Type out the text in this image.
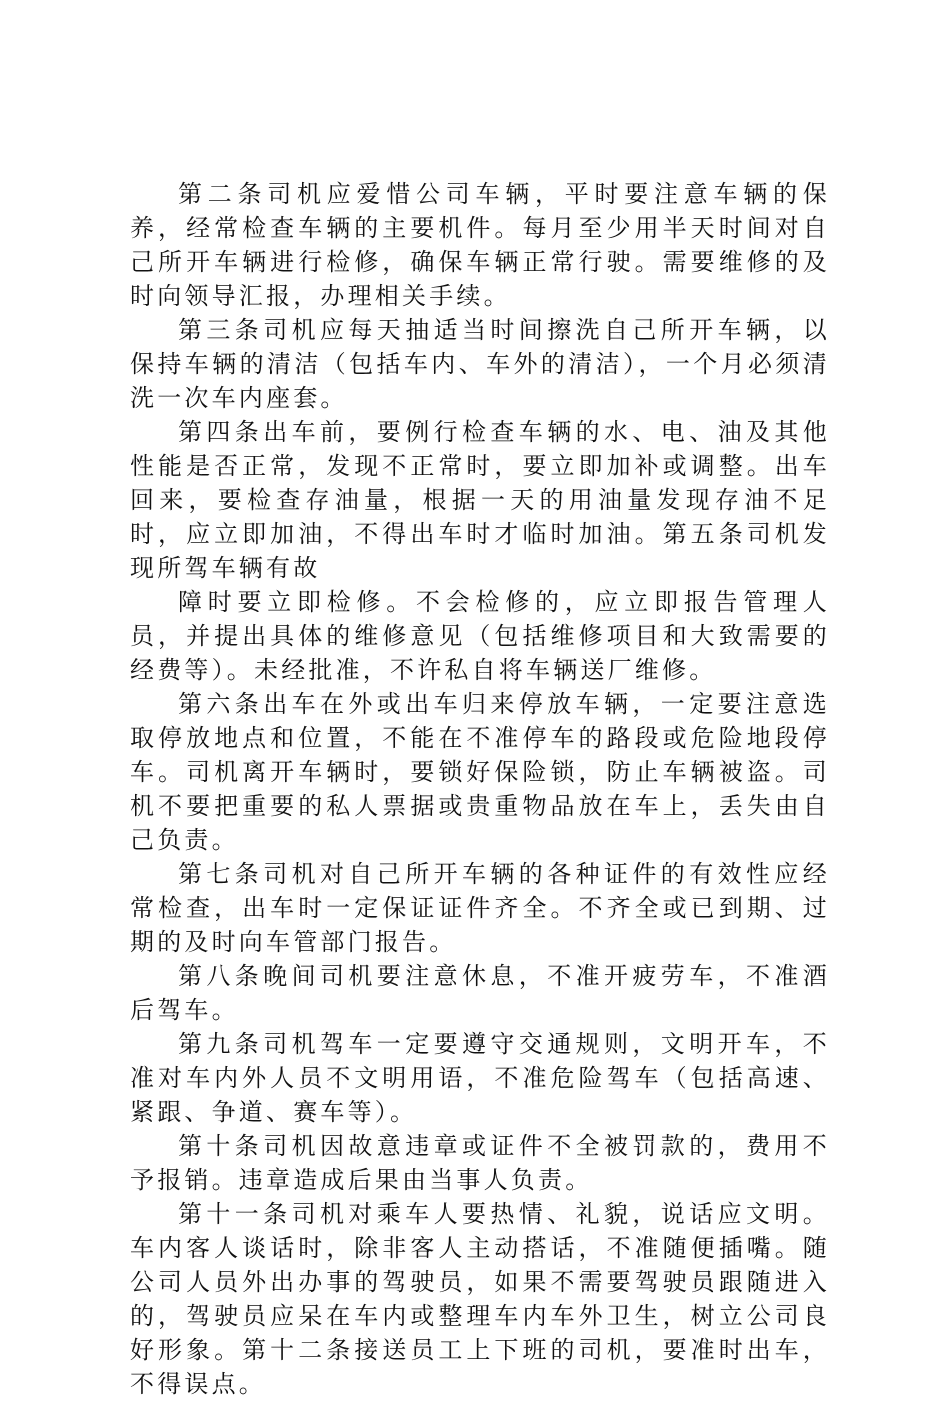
第二条司机应爱惜公司车辆，平时要注意车辆的保养，经常检查车辆的主要机件。每月至少用半天时间对自己所开车辆进行检修，确保车辆正常行驶。需要维修的及时向领导汇报，办理相关手续。

第三条司机应每天抽适当时间擦洗自己所开车辆，以保持车辆的清洁（包括车内、车外的清洁），一个月必须清洗一次车内座套。

第四条出车前，要例行检查车辆的水、电、油及其他性能是否正常，发现不正常时，要立即加补或调整。出车回来，要检查存油量，根据一天的用油量发现存油不足时，应立即加油，不得出车时才临时加油。第五条司机发现所驾车辆有故

障时要立即检修。不会检修的，应立即报告管理人员，并提出具体的维修意见（包括维修项目和大致需要的经费等）。未经批准，不许私自将车辆送厂维修。

第六条出车在外或出车归来停放车辆，一定要注意选取停放地点和位置，不能在不准停车的路段或危险地段停车。司机离开车辆时，要锁好保险锁，防止车辆被盗。司机不要把重要的私人票据或贵重物品放在车上，丢失由自己负责。

第七条司机对自己所开车辆的各种证件的有效性应经常检查，出车时一定保证证件齐全。不齐全或已到期、过期的及时向车管部门报告。

第八条晚间司机要注意休息，不准开疲劳车，不准酒后驾车。

第九条司机驾车一定要遵守交通规则，文明开车，不准对车内外人员不文明用语，不准危险驾车（包括高速、紧跟、争道、赛车等）。

第十条司机因故意违章或证件不全被罚款的，费用不予报销。违章造成后果由当事人负责。

第十一条司机对乘车人要热情、礼貌，说话应文明。车内客人谈话时，除非客人主动搭话，不准随便插嘴。随公司人员外出办事的驾驶员，如果不需要驾驶员跟随进入的，驾驶员应呆在车内或整理车内车外卫生，树立公司良好形象。第十二条接送员工上下班的司机，要准时出车，不得误点。
